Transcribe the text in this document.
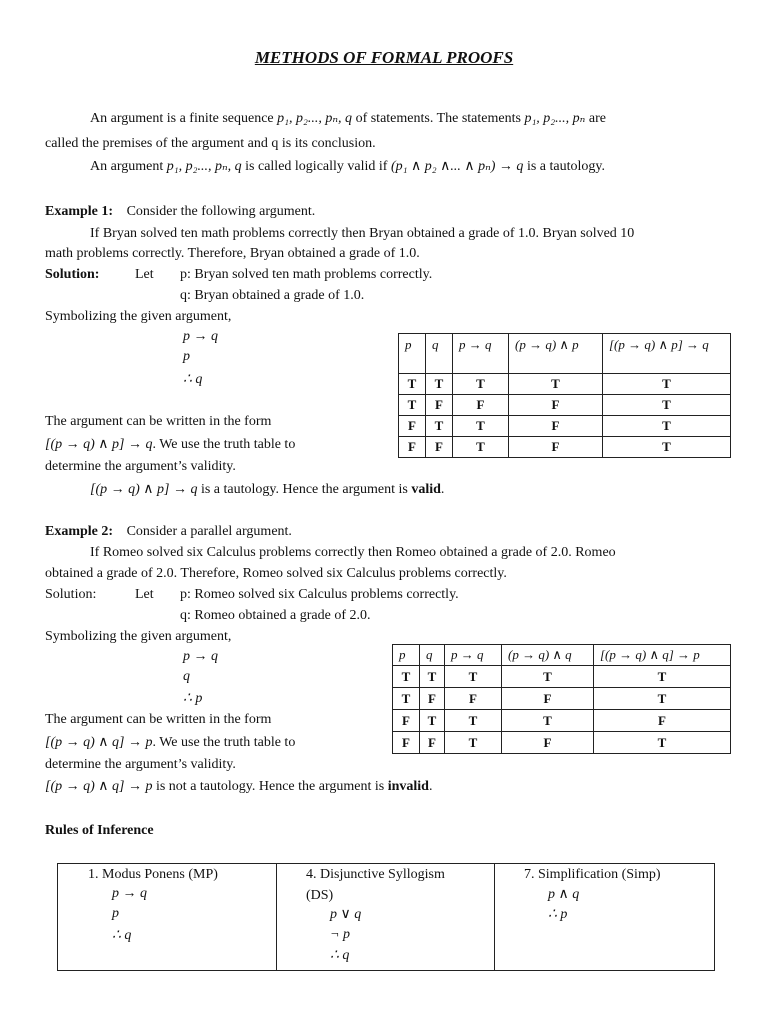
METHODS OF FORMAL PROOFS
An argument is a finite sequence p₁, p₂..., pₙ, q of statements. The statements p₁, p₂..., pₙ are
called the premises of the argument and q is its conclusion.
An argument p₁, p₂..., pₙ, q is called logically valid if (p₁ ∧ p₂ ∧... ∧ pₙ) → q is a tautology.
Example 1: Consider the following argument.
If Bryan solved ten math problems correctly then Bryan obtained a grade of 1.0. Bryan solved 10
math problems correctly. Therefore, Bryan obtained a grade of 1.0.
Solution:	Let p: Bryan solved ten math problems correctly.
q: Bryan obtained a grade of 1.0.
Symbolizing the given argument,
p → q
p
∴ q
The argument can be written in the form
[(p → q) ∧ p] → q. We use the truth table to
determine the argument’s validity.
[(p → q) ∧ p] → q is a tautology. Hence the argument is valid.
p	q	p → q	(p → q) ∧ p	[(p → q) ∧ p] → q
T	T	T	T	T
T	F	F	F	T
F	T	T	F	T
F	F	T	F	T
Example 2: Consider a parallel argument.
If Romeo solved six Calculus problems correctly then Romeo obtained a grade of 2.0. Romeo
obtained a grade of 2.0. Therefore, Romeo solved six Calculus problems correctly.
Solution:	Let p: Romeo solved six Calculus problems correctly.
q: Romeo obtained a grade of 2.0.
Symbolizing the given argument,
p → q
q
∴ p
The argument can be written in the form
[(p → q) ∧ q] → p. We use the truth table to
determine the argument’s validity.
[(p → q) ∧ q] → p is not a tautology. Hence the argument is invalid.
p	q	p → q	(p → q) ∧ q	[(p → q) ∧ q] → p
T	T	T	T	T
T	F	F	F	T
F	T	T	T	F
F	F	T	F	T
Rules of Inference
1. Modus Ponens (MP)
p → q
p
∴ q
4. Disjunctive Syllogism
(DS)
p ∨ q
¬ p
∴ q
7. Simplification (Simp)
p ∧ q
∴ p
